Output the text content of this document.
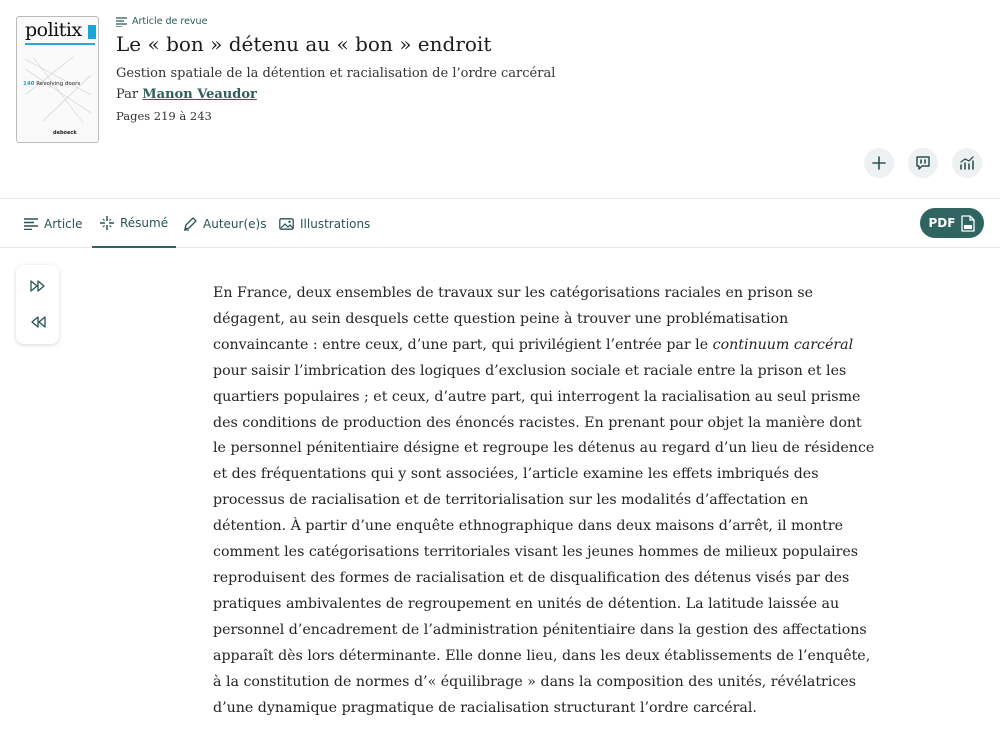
politix
140 Revolving doors
deboeck
Article de revue
Le « bon » détenu au « bon » endroit
Gestion spatiale de la détention et racialisation de l’ordre carcéral
Par Manon Veaudor
Pages 219 à 243
Article	Résumé	Auteur(e)s	Illustrations	PDF
En France, deux ensembles de travaux sur les catégorisations raciales en prison se
dégagent, au sein desquels cette question peine à trouver une problématisation
convaincante : entre ceux, d’une part, qui privilégient l’entrée par le continuum carcéral
pour saisir l’imbrication des logiques d’exclusion sociale et raciale entre la prison et les
quartiers populaires ; et ceux, d’autre part, qui interrogent la racialisation au seul prisme
des conditions de production des énoncés racistes. En prenant pour objet la manière dont
le personnel pénitentiaire désigne et regroupe les détenus au regard d’un lieu de résidence
et des fréquentations qui y sont associées, l’article examine les effets imbriqués des
processus de racialisation et de territorialisation sur les modalités d’affectation en
détention. À partir d’une enquête ethnographique dans deux maisons d’arrêt, il montre
comment les catégorisations territoriales visant les jeunes hommes de milieux populaires
reproduisent des formes de racialisation et de disqualification des détenus visés par des
pratiques ambivalentes de regroupement en unités de détention. La latitude laissée au
personnel d’encadrement de l’administration pénitentiaire dans la gestion des affectations
apparaît dès lors déterminante. Elle donne lieu, dans les deux établissements de l’enquête,
à la constitution de normes d’« équilibrage » dans la composition des unités, révélatrices
d’une dynamique pragmatique de racialisation structurant l’ordre carcéral.
